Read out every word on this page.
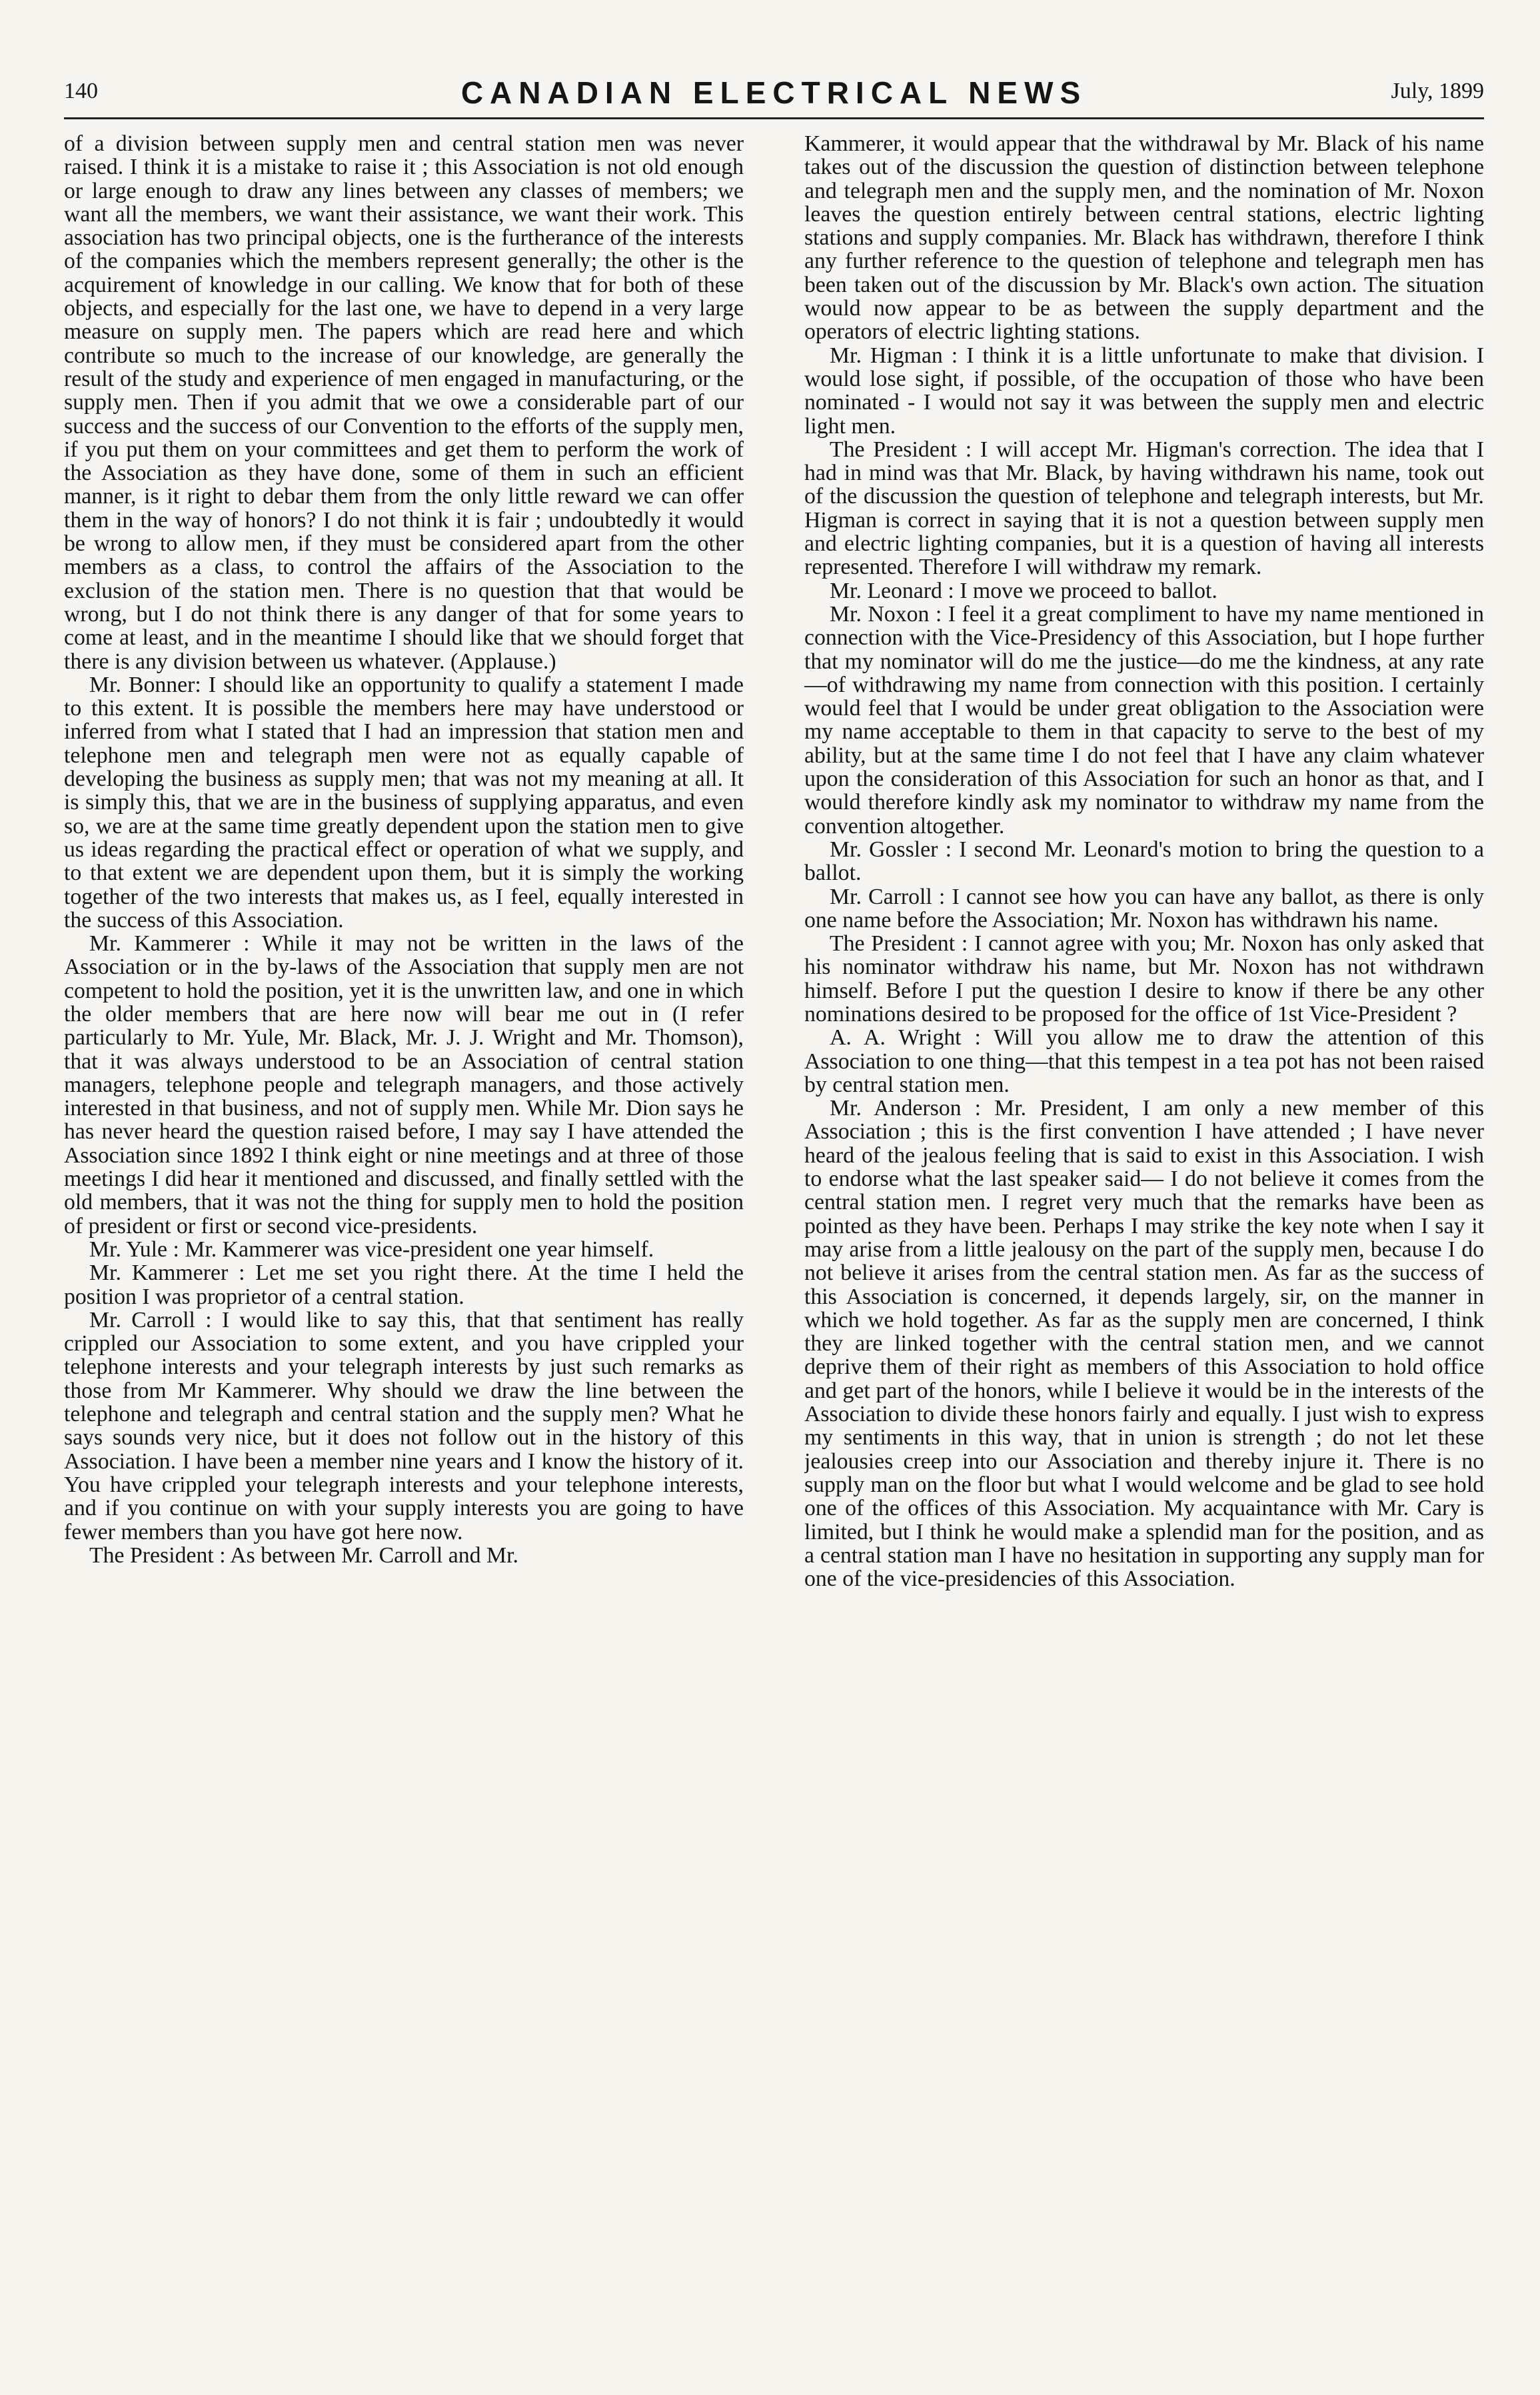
140	CANADIAN ELECTRICAL NEWS	July, 1899

of a division between supply men and central station men was never raised. I think it is a mistake to raise it ; this Association is not old enough or large enough to draw any lines between any classes of members; we want all the members, we want their assistance, we want their work. This association has two principal objects, one is the furtherance of the interests of the companies which the members represent generally; the other is the acquirement of knowledge in our calling. We know that for both of these objects, and especially for the last one, we have to depend in a very large measure on supply men. The papers which are read here and which contribute so much to the increase of our knowledge, are generally the result of the study and experience of men engaged in manufacturing, or the supply men. Then if you admit that we owe a considerable part of our success and the success of our Convention to the efforts of the supply men, if you put them on your committees and get them to perform the work of the Association as they have done, some of them in such an efficient manner, is it right to debar them from the only little reward we can offer them in the way of honors? I do not think it is fair ; undoubtedly it would be wrong to allow men, if they must be considered apart from the other members as a class, to control the affairs of the Association to the exclusion of the station men. There is no question that that would be wrong, but I do not think there is any danger of that for some years to come at least, and in the meantime I should like that we should forget that there is any division between us whatever. (Applause.)

Mr. Bonner: I should like an opportunity to qualify a statement I made to this extent. It is possible the members here may have understood or inferred from what I stated that I had an impression that station men and telephone men and telegraph men were not as equally capable of developing the business as supply men; that was not my meaning at all. It is simply this, that we are in the business of supplying apparatus, and even so, we are at the same time greatly dependent upon the station men to give us ideas regarding the practical effect or operation of what we supply, and to that extent we are dependent upon them, but it is simply the working together of the two interests that makes us, as I feel, equally interested in the success of this Association.

Mr. Kammerer : While it may not be written in the laws of the Association or in the by-laws of the Association that supply men are not competent to hold the position, yet it is the unwritten law, and one in which the older members that are here now will bear me out in (I refer particularly to Mr. Yule, Mr. Black, Mr. J. J. Wright and Mr. Thomson), that it was always understood to be an Association of central station managers, telephone people and telegraph managers, and those actively interested in that business, and not of supply men. While Mr. Dion says he has never heard the question raised before, I may say I have attended the Association since 1892 I think eight or nine meetings and at three of those meetings I did hear it mentioned and discussed, and finally settled with the old members, that it was not the thing for supply men to hold the position of president or first or second vice-presidents.

Mr. Yule : Mr. Kammerer was vice-president one year himself.

Mr. Kammerer : Let me set you right there. At the time I held the position I was proprietor of a central station.

Mr. Carroll : I would like to say this, that that sentiment has really crippled our Association to some extent, and you have crippled your telephone interests and your telegraph interests by just such remarks as those from Mr Kammerer. Why should we draw the line between the telephone and telegraph and central station and the supply men? What he says sounds very nice, but it does not follow out in the history of this Association. I have been a member nine years and I know the history of it. You have crippled your telegraph interests and your telephone interests, and if you continue on with your supply interests you are going to have fewer members than you have got here now.

The President : As between Mr. Carroll and Mr.

Kammerer, it would appear that the withdrawal by Mr. Black of his name takes out of the discussion the question of distinction between telephone and telegraph men and the supply men, and the nomination of Mr. Noxon leaves the question entirely between central stations, electric lighting stations and supply companies. Mr. Black has withdrawn, therefore I think any further reference to the question of telephone and telegraph men has been taken out of the discussion by Mr. Black's own action. The situation would now appear to be as between the supply department and the operators of electric lighting stations.

Mr. Higman : I think it is a little unfortunate to make that division. I would lose sight, if possible, of the occupation of those who have been nominated - I would not say it was between the supply men and electric light men.

The President : I will accept Mr. Higman's correction. The idea that I had in mind was that Mr. Black, by having withdrawn his name, took out of the discussion the question of telephone and telegraph interests, but Mr. Higman is correct in saying that it is not a question between supply men and electric lighting companies, but it is a question of having all interests represented. Therefore I will withdraw my remark.

Mr. Leonard : I move we proceed to ballot.

Mr. Noxon : I feel it a great compliment to have my name mentioned in connection with the Vice-Presidency of this Association, but I hope further that my nominator will do me the justice—do me the kindness, at any rate—of withdrawing my name from connection with this position. I certainly would feel that I would be under great obligation to the Association were my name acceptable to them in that capacity to serve to the best of my ability, but at the same time I do not feel that I have any claim whatever upon the consideration of this Association for such an honor as that, and I would therefore kindly ask my nominator to withdraw my name from the convention altogether.

Mr. Gossler : I second Mr. Leonard's motion to bring the question to a ballot.

Mr. Carroll : I cannot see how you can have any ballot, as there is only one name before the Association; Mr. Noxon has withdrawn his name.

The President : I cannot agree with you; Mr. Noxon has only asked that his nominator withdraw his name, but Mr. Noxon has not withdrawn himself. Before I put the question I desire to know if there be any other nominations desired to be proposed for the office of 1st Vice-President ?

A. A. Wright : Will you allow me to draw the attention of this Association to one thing—that this tempest in a tea pot has not been raised by central station men.

Mr. Anderson : Mr. President, I am only a new member of this Association ; this is the first convention I have attended ; I have never heard of the jealous feeling that is said to exist in this Association. I wish to endorse what the last speaker said— I do not believe it comes from the central station men. I regret very much that the remarks have been as pointed as they have been. Perhaps I may strike the key note when I say it may arise from a little jealousy on the part of the supply men, because I do not believe it arises from the central station men. As far as the success of this Association is concerned, it depends largely, sir, on the manner in which we hold together. As far as the supply men are concerned, I think they are linked together with the central station men, and we cannot deprive them of their right as members of this Association to hold office and get part of the honors, while I believe it would be in the interests of the Association to divide these honors fairly and equally. I just wish to express my sentiments in this way, that in union is strength ; do not let these jealousies creep into our Association and thereby injure it. There is no supply man on the floor but what I would welcome and be glad to see hold one of the offices of this Association. My acquaintance with Mr. Cary is limited, but I think he would make a splendid man for the position, and as a central station man I have no hesitation in supporting any supply man for one of the vice-presidencies of this Association.
